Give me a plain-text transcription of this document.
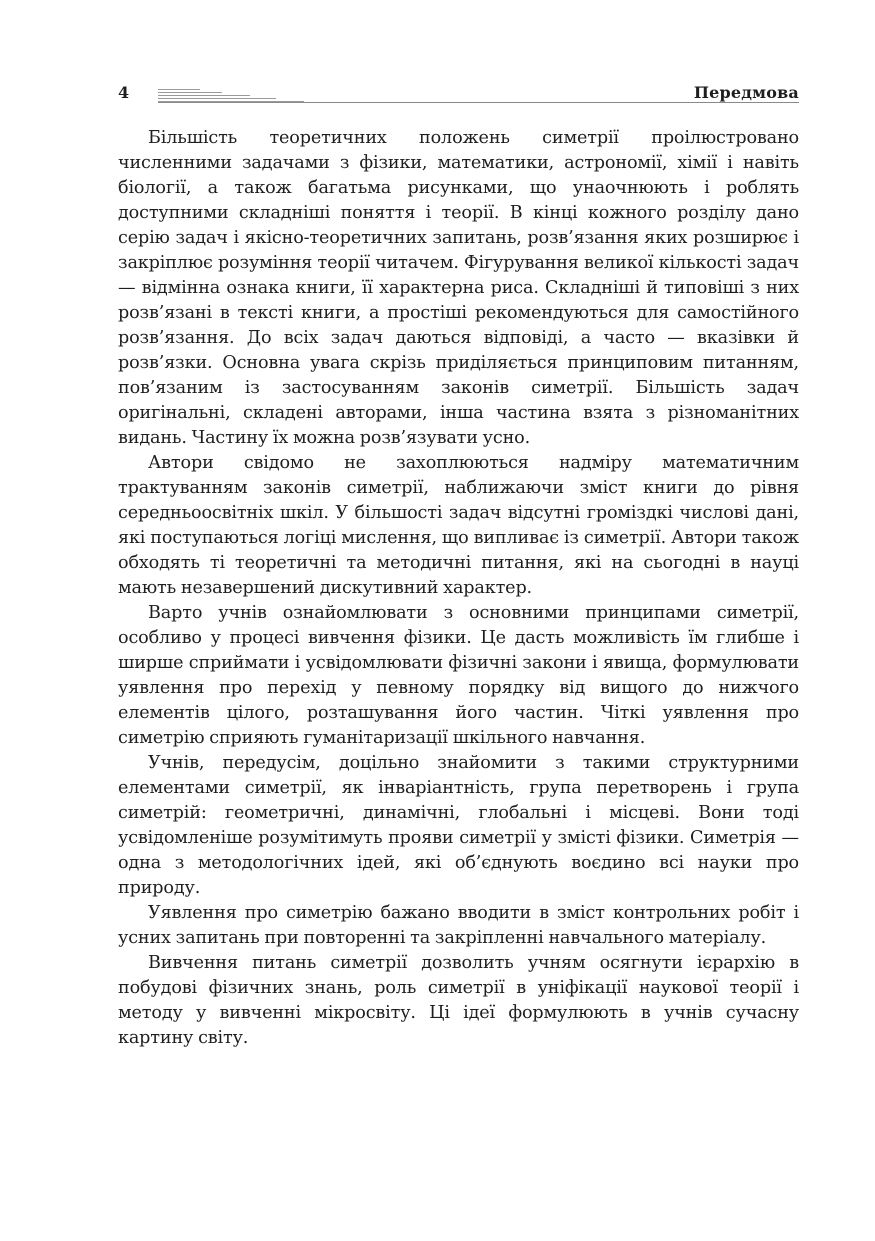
4	Передмова

Більшість теоретичних положень симетрії проілюстровано численними задачами з фізики, математики, астрономії, хімії і навіть біології, а також багатьма рисунками, що унаочнюють і роблять доступними складніші поняття і теорії. В кінці кожного розділу дано серію задач і якісно-теоретичних запитань, розв’язання яких розширює і закріплює розуміння теорії читачем. Фігурування великої кількості задач — відмінна ознака книги, її характерна риса. Складніші й типовіші з них розв’язані в тексті книги, а простіші рекомендуються для самостійного розв’язання. До всіх задач даються відповіді, а часто — вказівки й розв’язки. Основна увага скрізь приділяється принциповим питанням, пов’язаним із застосуванням законів симетрії. Більшість задач оригінальні, складені авторами, інша частина взята з різноманітних видань. Частину їх можна розв’язувати усно.

Автори свідомо не захоплюються надміру математичним трактуванням законів симетрії, наближаючи зміст книги до рівня середньоосвітніх шкіл. У більшості задач відсутні громіздкі числові дані, які поступаються логіці мислення, що випливає із симетрії. Автори також обходять ті теоретичні та методичні питання, які на сьогодні в науці мають незавершений дискутивний характер.

Варто учнів ознайомлювати з основними принципами симетрії, особливо у процесі вивчення фізики. Це дасть можливість їм глибше і ширше сприймати і усвідомлювати фізичні закони і явища, формулювати уявлення про перехід у певному порядку від вищого до нижчого елементів цілого, розташування його частин. Чіткі уявлення про симетрію сприяють гуманітаризації шкільного навчання.

Учнів, передусім, доцільно знайомити з такими структурними елементами симетрії, як інваріантність, група перетворень і група симетрій: геометричні, динамічні, глобальні і місцеві. Вони тоді усвідомленіше розумітимуть прояви симетрії у змісті фізики. Симетрія — одна з методологічних ідей, які об’єднують воєдино всі науки про природу.

Уявлення про симетрію бажано вводити в зміст контрольних робіт і усних запитань при повторенні та закріпленні навчального матеріалу.

Вивчення питань симетрії дозволить учням осягнути ієрархію в побудові фізичних знань, роль симетрії в уніфікації наукової теорії і методу у вивченні мікросвіту. Ці ідеї формулюють в учнів сучасну картину світу.
